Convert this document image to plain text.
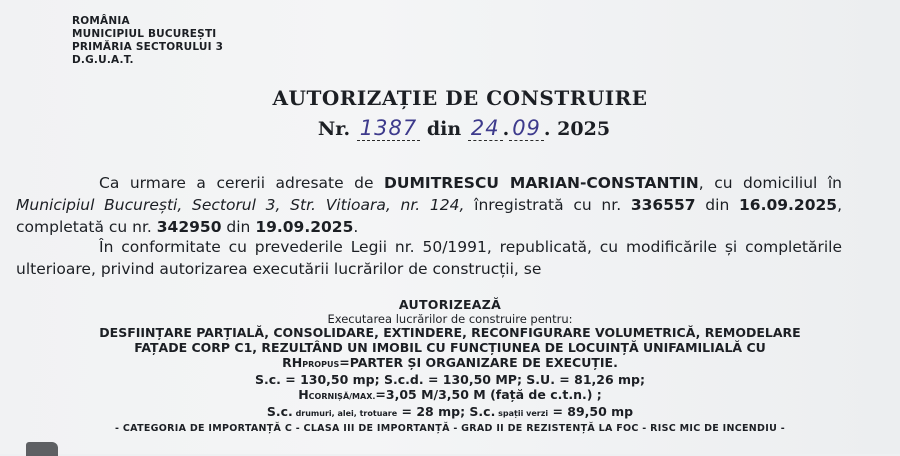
ROMÂNIA
MUNICIPIUL BUCUREȘTI
PRIMĂRIA SECTORULUI 3
D.G.U.A.T.
AUTORIZAȚIE DE CONSTRUIRE
Nr. 1387 din 24 . 09 . 2025
Ca urmare a cererii adresate de DUMITRESCU MARIAN-CONSTANTIN, cu domiciliul în Municipiul București, Sectorul 3, Str. Vitioara, nr. 124, înregistrată cu nr. 336557 din 16.09.2025, completată cu nr. 342950 din 19.09.2025.
În conformitate cu prevederile Legii nr. 50/1991, republicată, cu modificările și completările ulterioare, privind autorizarea executării lucrărilor de construcții, se
AUTORIZEAZĂ
Executarea lucrărilor de construire pentru:
DESFIINȚARE PARȚIALĂ, CONSOLIDARE, EXTINDERE, RECONFIGURARE VOLUMETRICĂ, REMODELARE
FAȚADE CORP C1, REZULTÂND UN IMOBIL CU FUNCȚIUNEA DE LOCUINȚĂ UNIFAMILIALĂ CU
RHPROPUS=PARTER ȘI ORGANIZARE DE EXECUȚIE.
S.c. = 130,50 mp; S.c.d. = 130,50 MP; S.U. = 81,26 mp;
HCORNIȘĂ/MAX.=3,05 M/3,50 M (față de c.t.n.) ;
S.c. drumuri, alei, trotuare = 28 mp; S.c. spații verzi = 89,50 mp
- CATEGORIA DE IMPORTANȚĂ C - CLASA III DE IMPORTANȚĂ - GRAD II DE REZISTENȚĂ LA FOC - RISC MIC DE INCENDIU -
